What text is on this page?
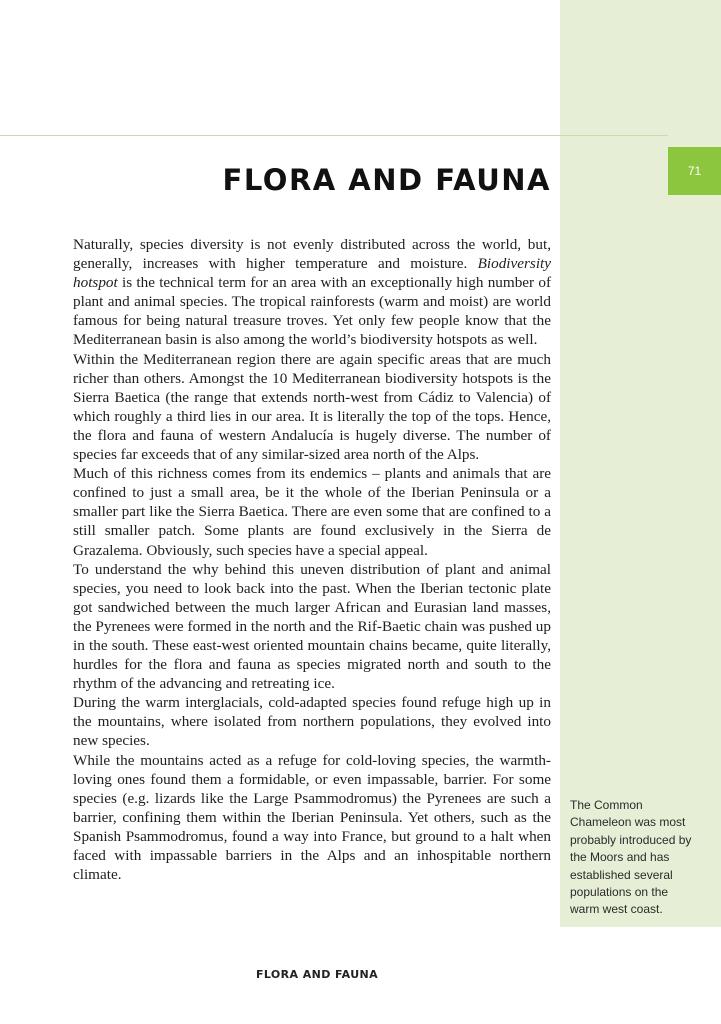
71
FLORA AND FAUNA

Naturally, species diversity is not evenly distributed across the world, but, generally, increases with higher temperature and moisture. Biodiversity hotspot is the technical term for an area with an exceptionally high number of plant and animal species. The tropical rainforests (warm and moist) are world famous for being natural treasure troves. Yet only few people know that the Mediterranean basin is also among the world’s biodiversity hotspots as well.

Within the Mediterranean region there are again specific areas that are much richer than others. Amongst the 10 Mediterranean biodiversity hotspots is the Sierra Baetica (the range that extends north-west from Cádiz to Valencia) of which roughly a third lies in our area. It is literally the top of the tops. Hence, the flora and fauna of western Andalucía is hugely diverse. The number of species far exceeds that of any similar-sized area north of the Alps.

Much of this richness comes from its endemics – plants and animals that are confined to just a small area, be it the whole of the Iberian Peninsula or a smaller part like the Sierra Baetica. There are even some that are confined to a still smaller patch. Some plants are found exclusively in the Sierra de Grazalema. Obviously, such species have a special appeal.

To understand the why behind this uneven distribution of plant and animal species, you need to look back into the past. When the Iberian tectonic plate got sandwiched between the much larger African and Eurasian land masses, the Pyrenees were formed in the north and the Rif-Baetic chain was pushed up in the south. These east-west oriented mountain chains became, quite literally, hurdles for the flora and fauna as species migrated north and south to the rhythm of the advancing and retreating ice.

During the warm interglacials, cold-adapted species found refuge high up in the mountains, where isolated from northern populations, they evolved into new species.

While the mountains acted as a refuge for cold-loving species, the warmth-loving ones found them a formidable, or even impassable, barrier. For some species (e.g. lizards like the Large Psammodromus) the Pyrenees are such a barrier, confining them within the Iberian Peninsula. Yet others, such as the Spanish Psammodromus, found a way into France, but ground to a halt when faced with impassable barriers in the Alps and an inhospitable northern climate.

The Common Chameleon was most probably introduced by the Moors and has established several populations on the warm west coast.
FLORA AND FAUNA
